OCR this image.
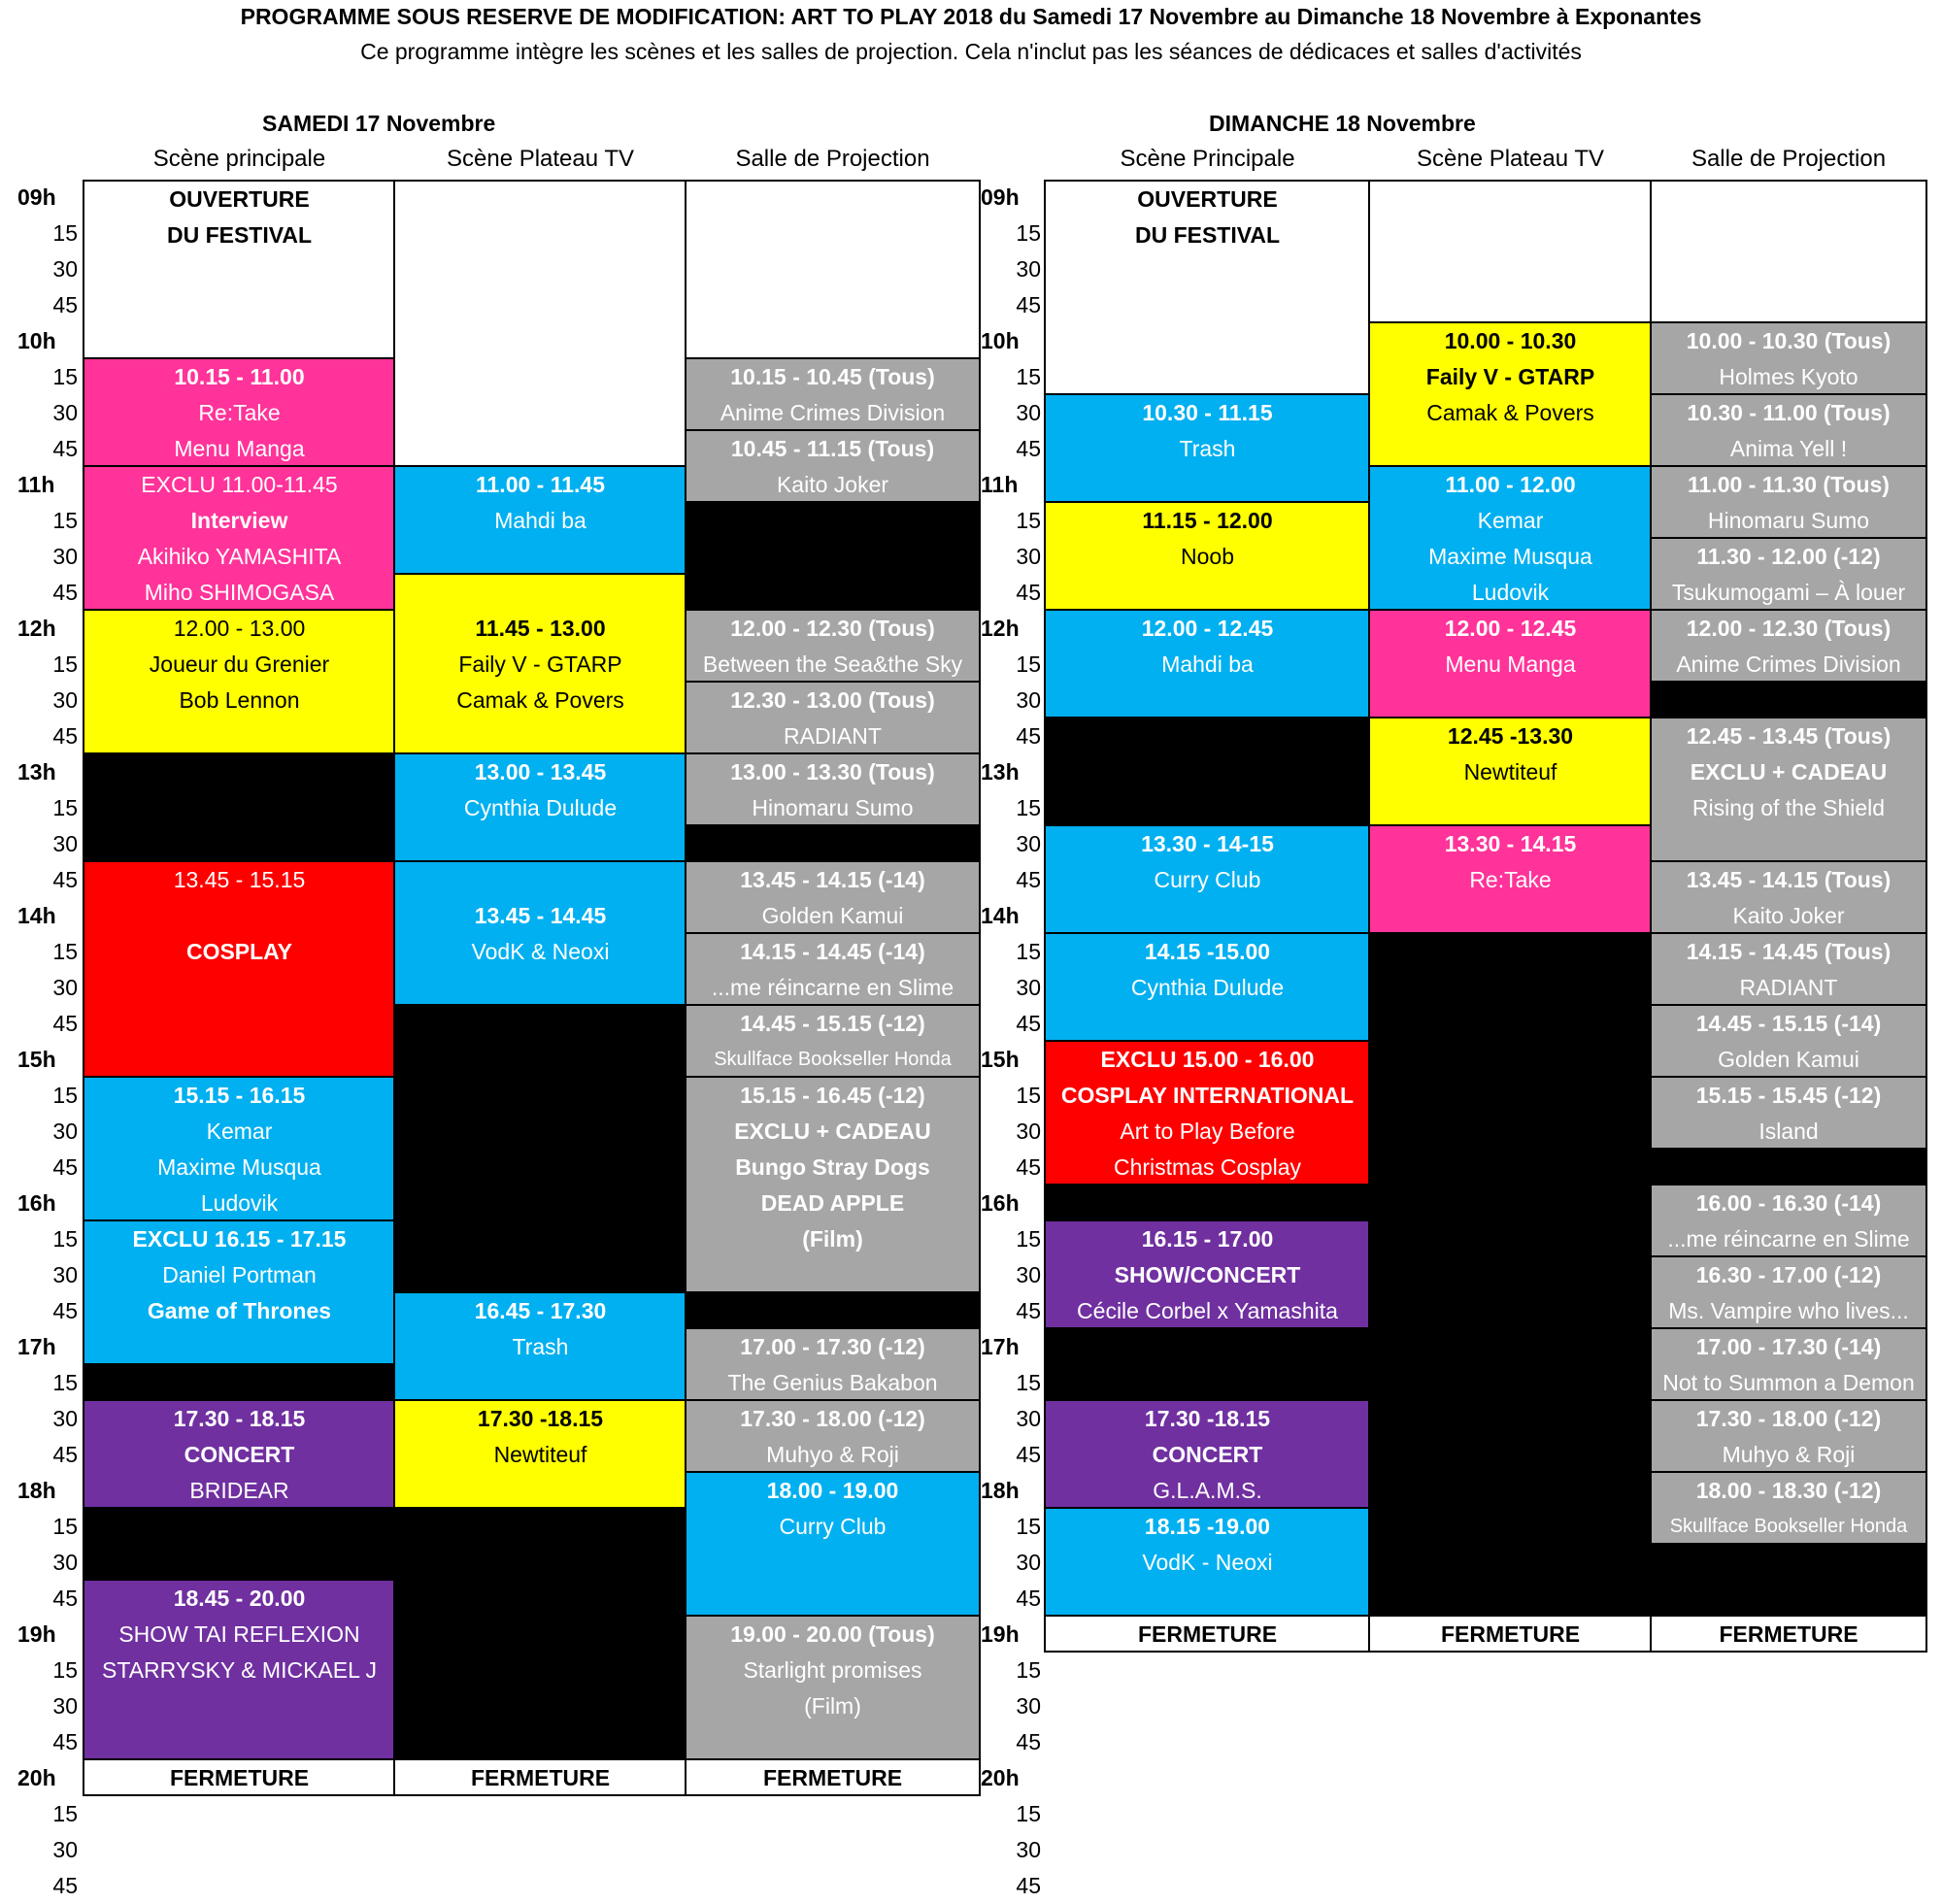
PROGRAMME SOUS RESERVE DE MODIFICATION: ART TO PLAY 2018 du Samedi 17 Novembre au Dimanche 18 Novembre à Exponantes
Ce programme intègre les scènes et les salles de projection. Cela n'inclut pas les séances de dédicaces et salles d'activités
SAMEDI 17 Novembre
09h
15
30
45
10h
15
30
45
11h
15
30
45
12h
15
30
45
13h
15
30
45
14h
15
30
45
15h
15
30
45
16h
15
30
45
17h
15
30
45
18h
15
30
45
19h
15
30
45
20h
15
30
45
Scène principale
OUVERTURE
DU FESTIVAL
10.15 - 11.00
Re:Take
Menu Manga
EXCLU 11.00-11.45
Interview
Akihiko YAMASHITA
Miho SHIMOGASA
12.00 - 13.00
Joueur du Grenier
Bob Lennon
13.45 - 15.15
COSPLAY
15.15 - 16.15
Kemar
Maxime Musqua
Ludovik
EXCLU 16.15 - 17.15
Daniel Portman
Game of Thrones
17.30 - 18.15
CONCERT
BRIDEAR
18.45 - 20.00
SHOW TAI REFLEXION
STARRYSKY & MICKAEL J
FERMETURE
Scène Plateau TV
11.00 - 11.45
Mahdi ba
11.45 - 13.00
Faily V - GTARP
Camak & Povers
13.00 - 13.45
Cynthia Dulude
13.45 - 14.45
VodK & Neoxi
16.45 - 17.30
Trash
17.30 -18.15
Newtiteuf
FERMETURE
Salle de Projection
10.15 - 10.45 (Tous)
Anime Crimes Division
10.45 - 11.15 (Tous)
Kaito Joker
12.00 - 12.30 (Tous)
Between the Sea&the Sky
12.30 - 13.00 (Tous)
RADIANT
13.00 - 13.30 (Tous)
Hinomaru Sumo
13.45 - 14.15 (-14)
Golden Kamui
14.15 - 14.45 (-14)
...me réincarne en Slime
14.45 - 15.15 (-12)
Skullface Bookseller Honda
15.15 - 16.45 (-12)
EXCLU + CADEAU
Bungo Stray Dogs
DEAD APPLE
(Film)
17.00 - 17.30 (-12)
The Genius Bakabon
17.30 - 18.00 (-12)
Muhyo & Roji
18.00 - 19.00
Curry Club
19.00 - 20.00 (Tous)
Starlight promises
(Film)
FERMETURE
DIMANCHE 18 Novembre
09h
15
30
45
10h
15
30
45
11h
15
30
45
12h
15
30
45
13h
15
30
45
14h
15
30
45
15h
15
30
45
16h
15
30
45
17h
15
30
45
18h
15
30
45
19h
15
30
45
20h
15
30
45
Scène Principale
OUVERTURE
DU FESTIVAL
10.30 - 11.15
Trash
11.15 - 12.00
Noob
12.00 - 12.45
Mahdi ba
13.30 - 14-15
Curry Club
14.15 -15.00
Cynthia Dulude
EXCLU 15.00 - 16.00
COSPLAY INTERNATIONAL
Art to Play Before
Christmas Cosplay
16.15 - 17.00
SHOW/CONCERT
Cécile Corbel x Yamashita
17.30 -18.15
CONCERT
G.L.A.M.S.
18.15 -19.00
VodK - Neoxi
FERMETURE
Scène Plateau TV
10.00 - 10.30
Faily V - GTARP
Camak & Povers
11.00 - 12.00
Kemar
Maxime Musqua
Ludovik
12.00 - 12.45
Menu Manga
12.45 -13.30
Newtiteuf
13.30 - 14.15
Re:Take
FERMETURE
Salle de Projection
10.00 - 10.30 (Tous)
Holmes Kyoto
10.30 - 11.00 (Tous)
Anima Yell !
11.00 - 11.30 (Tous)
Hinomaru Sumo
11.30 - 12.00 (-12)
Tsukumogami – À louer
12.00 - 12.30 (Tous)
Anime Crimes Division
12.45 - 13.45 (Tous)
EXCLU + CADEAU
Rising of the Shield
13.45 - 14.15 (Tous)
Kaito Joker
14.15 - 14.45 (Tous)
RADIANT
14.45 - 15.15 (-14)
Golden Kamui
15.15 - 15.45 (-12)
Island
16.00 - 16.30 (-14)
...me réincarne en Slime
16.30 - 17.00 (-12)
Ms. Vampire who lives...
17.00 - 17.30 (-14)
Not to Summon a Demon
17.30 - 18.00 (-12)
Muhyo & Roji
18.00 - 18.30 (-12)
Skullface Bookseller Honda
FERMETURE
